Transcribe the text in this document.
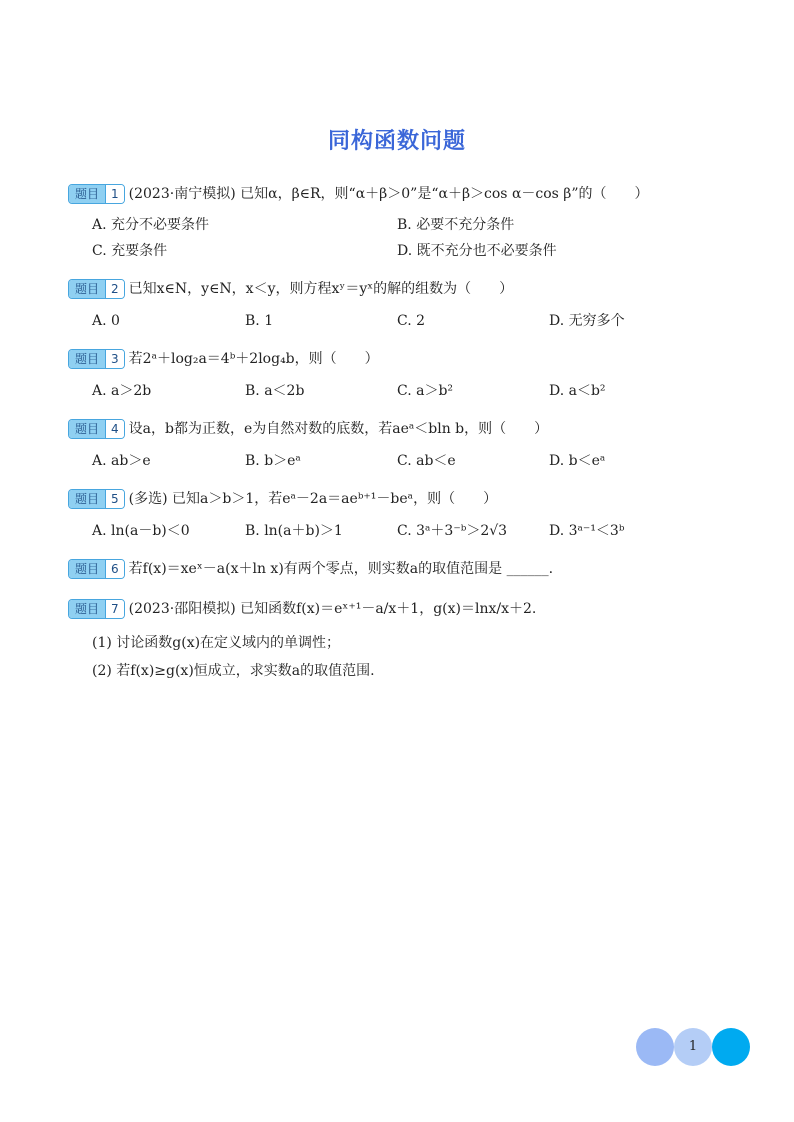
同构函数问题
题目	1 (2023·南宁模拟) 已知α，β∈R，则“α＋β＞0”是“α＋β＞cos α－cos β”的（　　）
A. 充分不必要条件	B. 必要不充分条件
C. 充要条件	D. 既不充分也不必要条件
题目	2 已知x∈N，y∈N，x＜y，则方程xʸ＝yˣ的解的组数为（　　）
A. 0	B. 1	C. 2	D. 无穷多个
题目	3 若2ᵃ＋log₂a＝4ᵇ＋2log₄b，则（　　）
A. a＞2b	B. a＜2b	C. a＞b²	D. a＜b²
题目	4 设a，b都为正数，e为自然对数的底数，若aeᵃ＜bln b，则（　　）
A. ab＞e	B. b＞eᵃ	C. ab＜e	D. b＜eᵃ
题目	5 (多选) 已知a＞b＞1，若eᵃ－2a＝aeᵇ⁺¹－beᵃ，则（　　）
A. ln(a－b)＜0	B. ln(a＋b)＞1	C. 3ᵃ＋3⁻ᵇ＞2√3	D. 3ᵃ⁻¹＜3ᵇ
题目	6 若f(x)＝xeˣ－a(x＋ln x)有两个零点，则实数a的取值范围是 ______.
题目	7 (2023·邵阳模拟) 已知函数f(x)＝eˣ⁺¹－a/x＋1，g(x)＝lnx/x＋2.
(1) 讨论函数g(x)在定义域内的单调性；
(2) 若f(x)≥g(x)恒成立，求实数a的取值范围.
1
